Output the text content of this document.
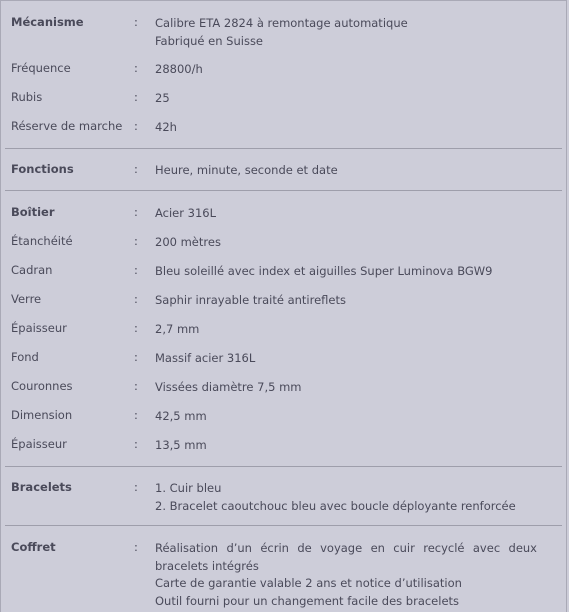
Mécanisme	: Calibre ETA 2824 à remontage automatique
Fabriqué en Suisse
Fréquence	: 28800/h
Rubis	: 25
Réserve de marche : 42h
Fonctions	: Heure, minute, seconde et date
Boîtier	: Acier 316L
Étanchéité	: 200 mètres
Cadran	: Bleu soleillé avec index et aiguilles Super Luminova BGW9
Verre	: Saphir inrayable traité antireflets
Épaisseur	: 2,7 mm
Fond	: Massif acier 316L
Couronnes	: Vissées diamètre 7,5 mm
Dimension	: 42,5 mm
Épaisseur	: 13,5 mm
Bracelets	: 1. Cuir bleu
2. Bracelet caoutchouc bleu avec boucle déployante renforcée
Coffret	: Réalisation d’un écrin de voyage en cuir recyclé avec deux bracelets intégrés
Carte de garantie valable 2 ans et notice d’utilisation
Outil fourni pour un changement facile des bracelets
